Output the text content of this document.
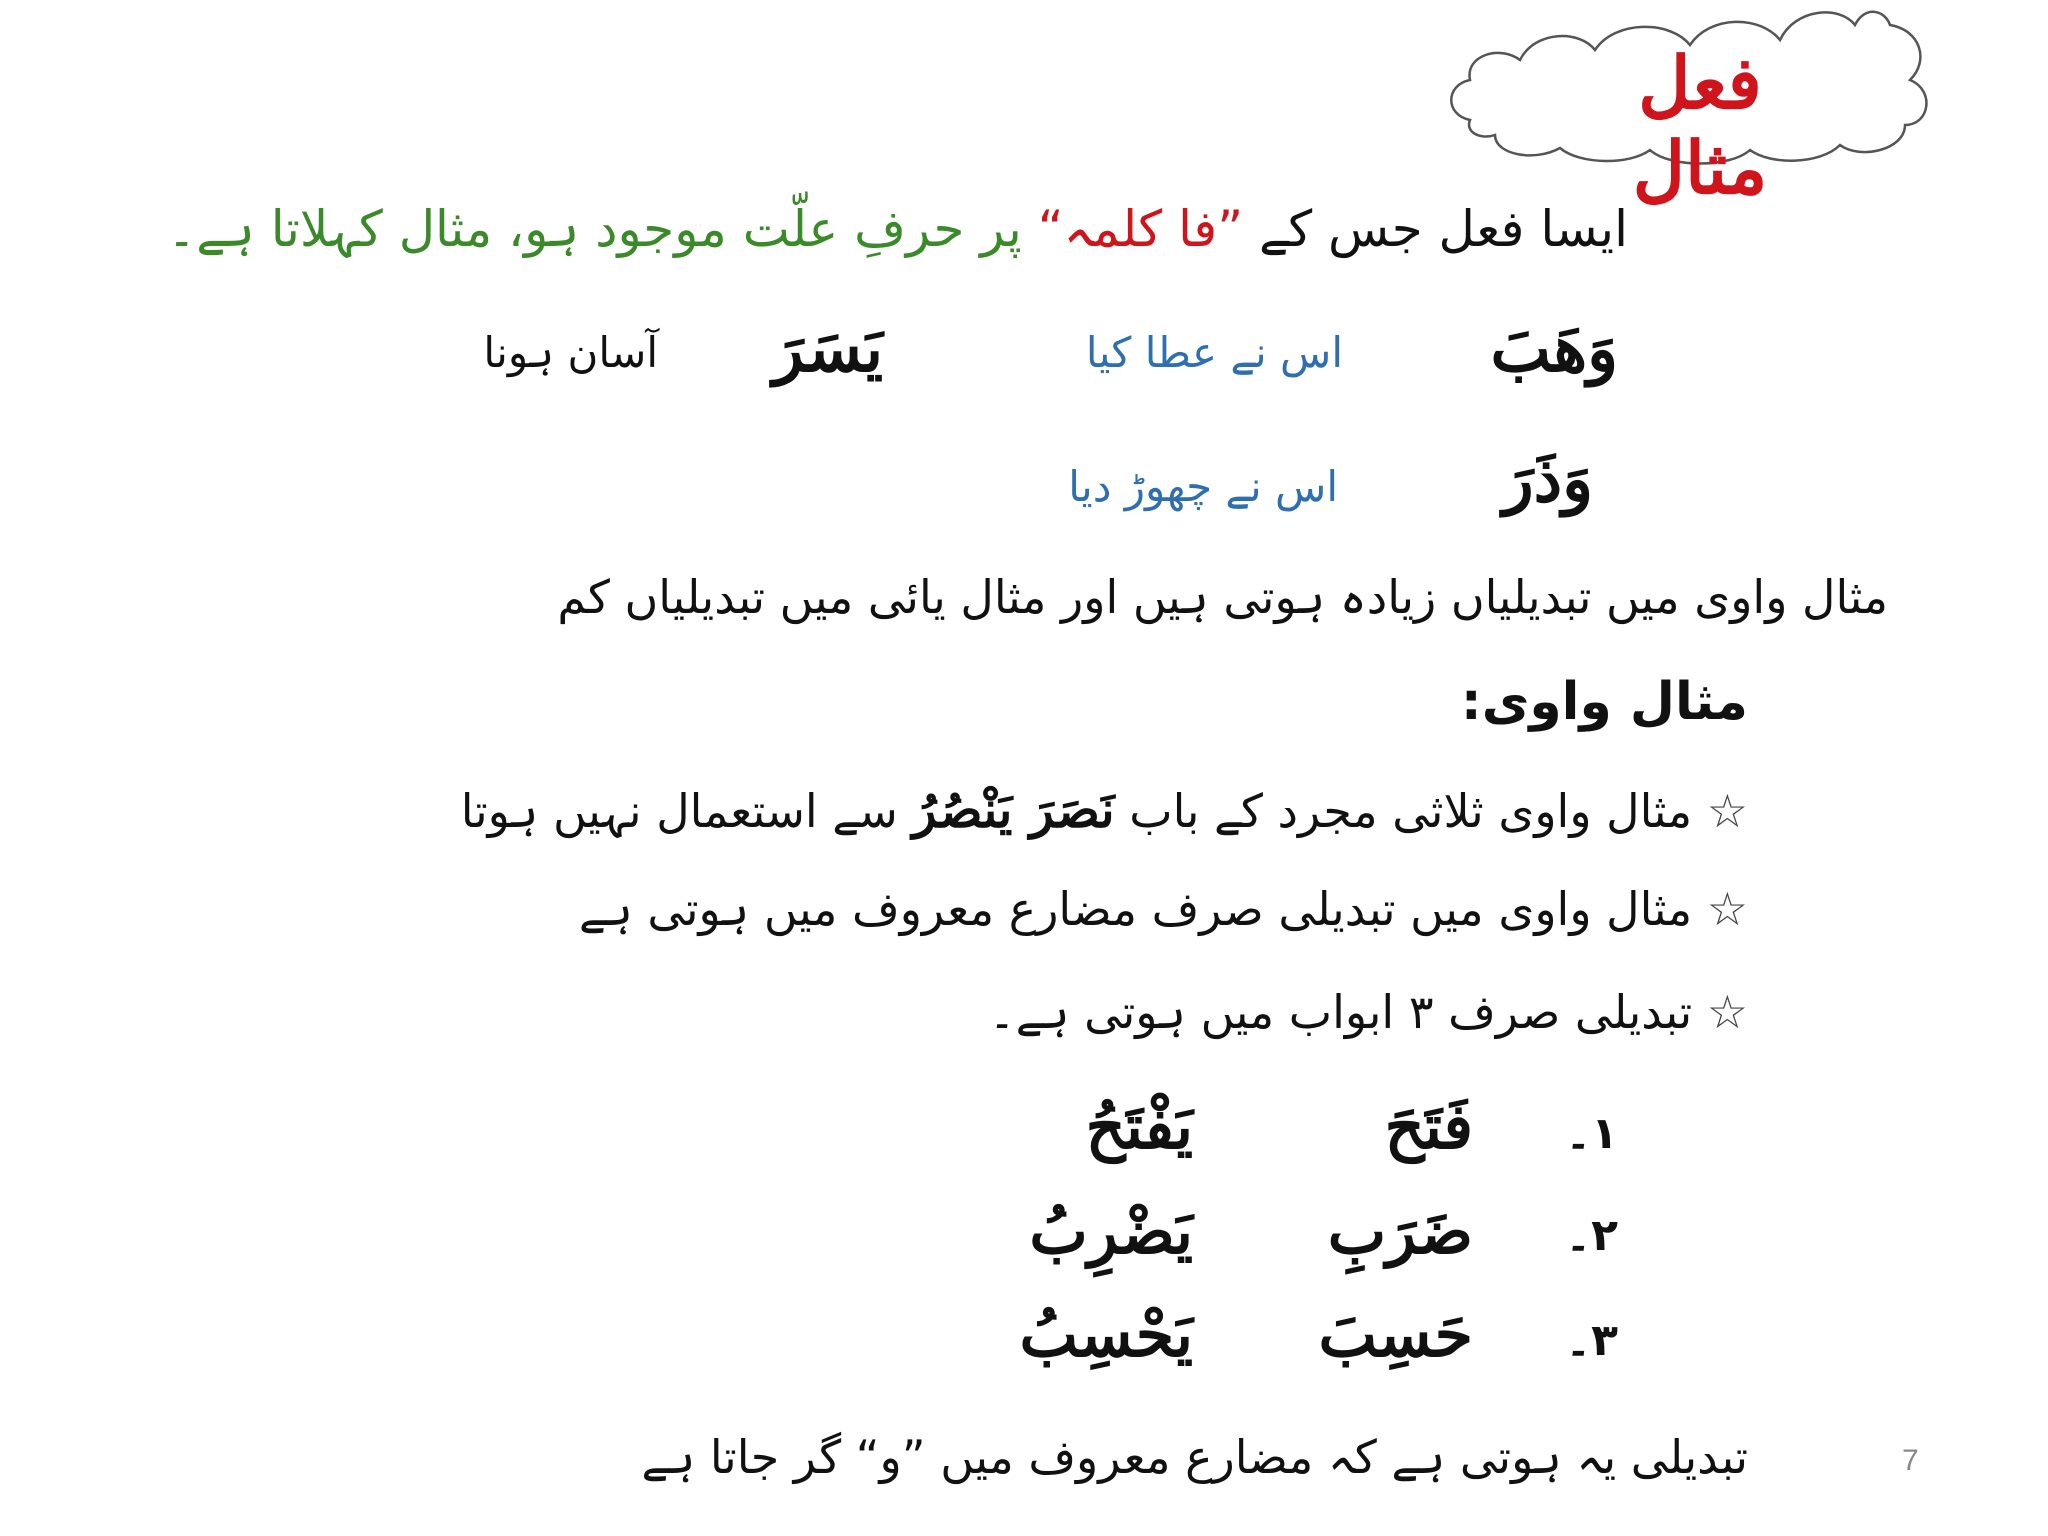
فعل مثال
ایسا فعل جس کے ”فا کلمہ“ پر حرفِ علّت موجود ہو، مثال کہلاتا ہے۔
وَهَبَ
اس نے عطا کیا
يَسَرَ
آسان ہونا
وَذَرَ
اس نے چھوڑ دیا
مثال واوی میں تبدیلیاں زیادہ ہوتی ہیں اور مثال یائی میں تبدیلیاں کم
مثال واوی:
☆ مثال واوی ثلاثی مجرد کے باب نَصَرَ يَنْصُرُ سے استعمال نہیں ہوتا
☆ مثال واوی میں تبدیلی صرف مضارع معروف میں ہوتی ہے
☆ تبدیلی صرف ۳ ابواب میں ہوتی ہے۔
۱۔
فَتَحَ
يَفْتَحُ
۲۔
ضَرَبِ
يَضْرِبُ
۳۔
حَسِبَ
يَحْسِبُ
تبدیلی یہ ہوتی ہے کہ مضارع معروف میں ”و“ گر جاتا ہے	7
